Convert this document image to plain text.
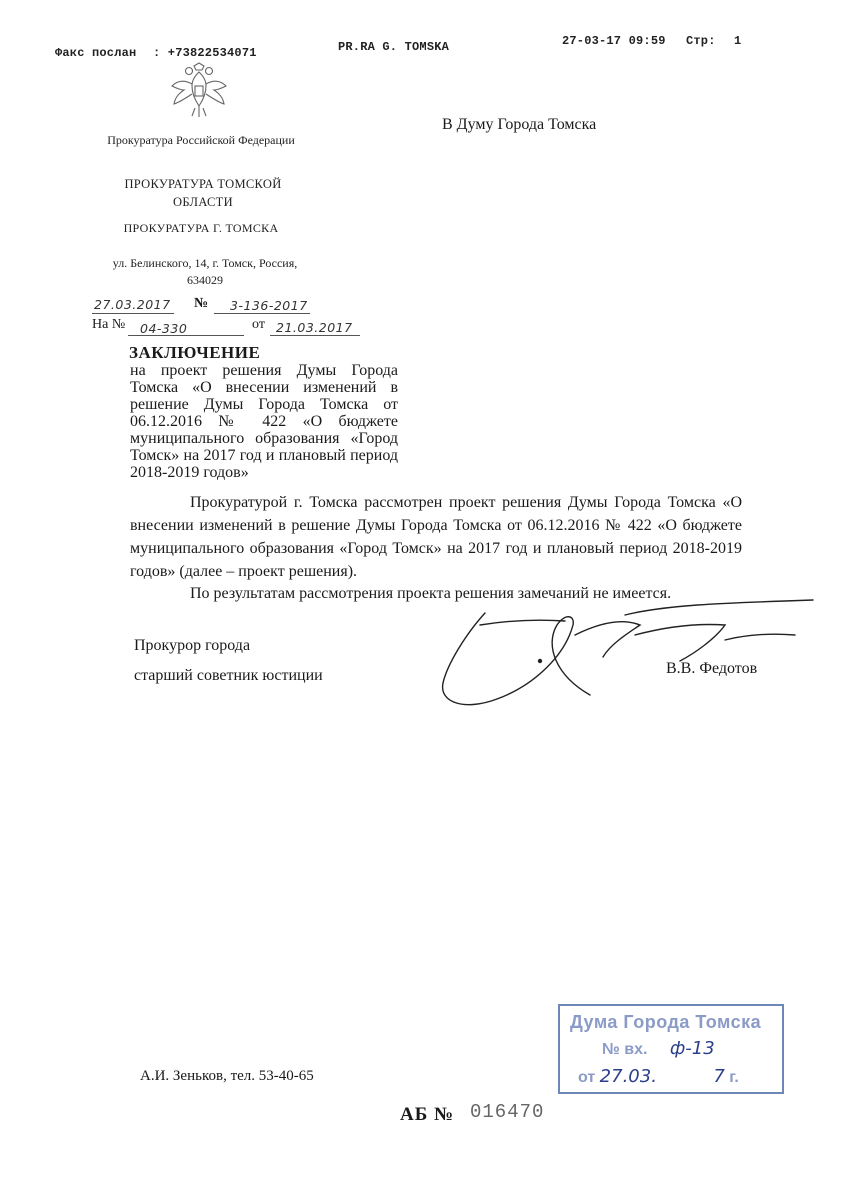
Факс послан : +73822534071	PR.RA G. TOMSKA	27-03-17 09:59 Стр: 1
Прокуратура Российской Федерации
ПРОКУРАТУРА ТОМСКОЙ ОБЛАСТИ
ПРОКУРАТУРА Г. ТОМСКА
ул. Белинского, 14, г. Томск, Россия, 634029
В Думу Города Томска
27.03.2017 № 3-136-2017
На № 04-330	от 21.03.2017
ЗАКЛЮЧЕНИЕ
на проект решения Думы Города Томска «О внесении изменений в решение Думы Города Томска от 06.12.2016 № 422 «О бюджете муниципального образования «Город Томск» на 2017 год и плановый период 2018-2019 годов»
Прокуратурой г. Томска рассмотрен проект решения Думы Города Томска «О внесении изменений в решение Думы Города Томска от 06.12.2016 № 422 «О бюджете муниципального образования «Город Томск» на 2017 год и плановый период 2018-2019 годов» (далее – проект решения).
По результатам рассмотрения проекта решения замечаний не имеется.
Прокурор города
старший советник юстиции	В.В. Федотов
Дума Города Томска
№ вх. ф-13
от 27.03.	7 г.
А.И. Зеньков, тел. 53-40-65
АБ № 016470
